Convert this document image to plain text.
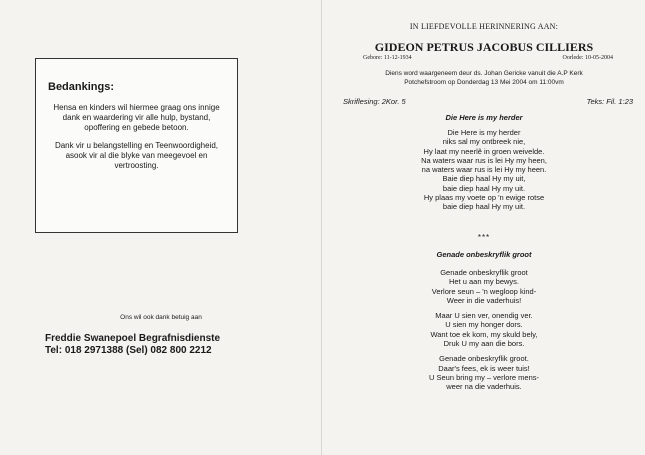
Bedankings:

Hensa en kinders wil hiermee graag ons innige dank en waardering vir alle hulp, bystand, opoffering en gebede betoon.

Dank vir u belangstelling en Teenwoordigheid, asook vir al die blyke van meegevoel en vertroosting.

Ons wil ook dank betuig aan
Freddie Swanepoel Begrafnisdienste
Tel: 018 2971388 (Sel) 082 800 2212
IN LIEFDEVOLLE HERINNERING AAN:
GIDEON PETRUS JACOBUS CILLIERS
Gebore: 11-12-1934	Oorlede: 10-05-2004
Diens word waargeneem deur ds. Johan Gericke vanuit die A.P Kerk
Potchefstroom op Donderdag 13 Mei 2004 om 11:00vm
Skriflesing: 2Kor. 5	Teks: Fil. 1:23
Die Here is my herder
Die Here is my herder
niks sal my ontbreek nie,
Hy laat my neerlê in groen weivelde.
Na waters waar rus is lei Hy my heen,
na waters waar rus is lei Hy my heen.
Baie diep haal Hy my uit,
baie diep haal Hy my uit.
Hy plaas my voete op 'n ewige rotse
baie diep haal Hy my uit.
***
Genade onbeskryflik groot
Genade onbeskryflik groot
Het u aan my bewys.
Verlore seun – 'n wegloop kind-
Weer in die vaderhuis!
Maar U sien ver, onendig ver.
U sien my honger dors.
Want toe ek kom, my skuld bely,
Druk U my aan die bors.
Genade onbeskryflik groot.
Daar's fees, ek is weer tuis!
U Seun bring my – verlore mens-
weer na die vaderhuis.
